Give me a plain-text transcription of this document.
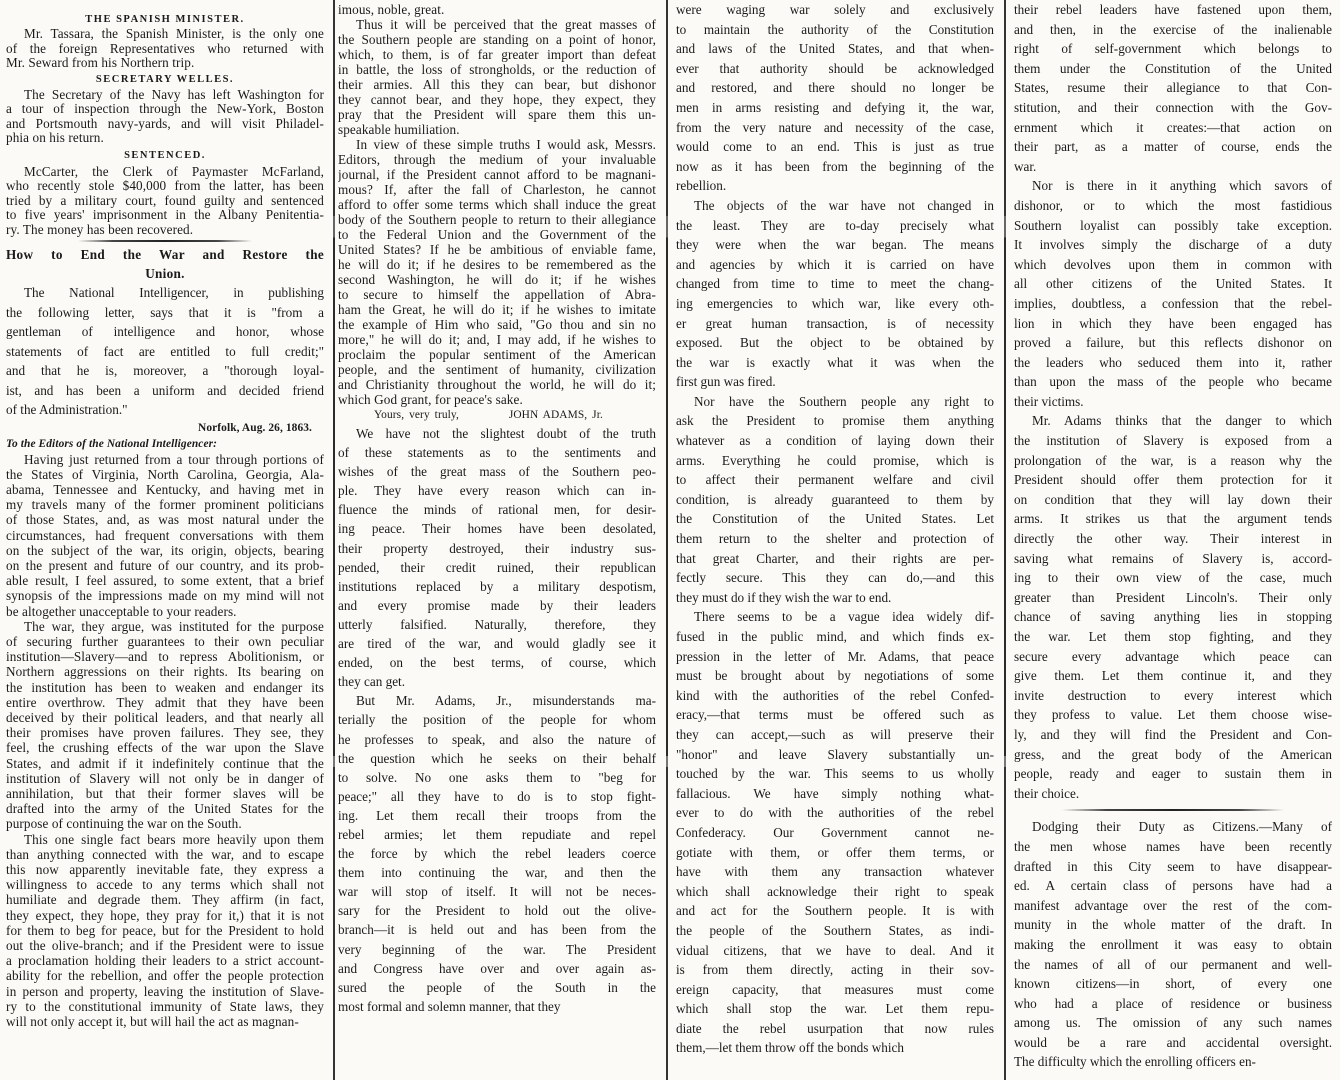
THE SPANISH MINISTER.
Mr. Tassara, the Spanish Minister, is the only one
of the foreign Representatives who returned with
Mr. Seward from his Northern trip.
SECRETARY WELLES.
The Secretary of the Navy has left Washington for
a tour of inspection through the New-York, Boston
and Portsmouth navy-yards, and will visit Philadel-
phia on his return.
SENTENCED.
McCarter, the Clerk of Paymaster McFarland,
who recently stole $40,000 from the latter, has been
tried by a military court, found guilty and sentenced
to five years' imprisonment in the Albany Penitentia-
ry. The money has been recovered.
How to End the War and Restore the
Union.
The National Intelligencer, in publishing
the following letter, says that it is "from a
gentleman of intelligence and honor, whose
statements of fact are entitled to full credit;"
and that he is, moreover, a "thorough loyal-
ist, and has been a uniform and decided friend
of the Administration."
Norfolk, Aug. 26, 1863.
To the Editors of the National Intelligencer:
Having just returned from a tour through portions of
the States of Virginia, North Carolina, Georgia, Ala-
abama, Tennessee and Kentucky, and having met in
my travels many of the former prominent politicians
of those States, and, as was most natural under the
circumstances, had frequent conversations with them
on the subject of the war, its origin, objects, bearing
on the present and future of our country, and its prob-
able result, I feel assured, to some extent, that a brief
synopsis of the impressions made on my mind will not
be altogether unacceptable to your readers.
The war, they argue, was instituted for the purpose
of securing further guarantees to their own peculiar
institution—Slavery—and to repress Abolitionism, or
Northern aggressions on their rights. Its bearing on
the institution has been to weaken and endanger its
entire overthrow. They admit that they have been
deceived by their political leaders, and that nearly all
their promises have proven failures. They see, they
feel, the crushing effects of the war upon the Slave
States, and admit if it indefinitely continue that the
institution of Slavery will not only be in danger of
annihilation, but that their former slaves will be
drafted into the army of the United States for the
purpose of continuing the war on the South.
This one single fact bears more heavily upon them
than anything connected with the war, and to escape
this now apparently inevitable fate, they express a
willingness to accede to any terms which shall not
humiliate and degrade them. They affirm (in fact,
they expect, they hope, they pray for it,) that it is not
for them to beg for peace, but for the President to hold
out the olive-branch; and if the President were to issue
a proclamation holding their leaders to a strict account-
ability for the rebellion, and offer the people protection
in person and property, leaving the institution of Slave-
ry to the constitutional immunity of State laws, they
will not only accept it, but will hail the act as magnan-
imous, noble, great.
Thus it will be perceived that the great masses of
the Southern people are standing on a point of honor,
which, to them, is of far greater import than defeat
in battle, the loss of strongholds, or the reduction of
their armies. All this they can bear, but dishonor
they cannot bear, and they hope, they expect, they
pray that the President will spare them this un-
speakable humiliation.
In view of these simple truths I would ask, Messrs.
Editors, through the medium of your invaluable
journal, if the President cannot afford to be magnani-
mous? If, after the fall of Charleston, he cannot
afford to offer some terms which shall induce the great
body of the Southern people to return to their allegiance
to the Federal Union and the Government of the
United States? If he be ambitious of enviable fame,
he will do it; if he desires to be remembered as the
second Washington, he will do it; if he wishes
to secure to himself the appellation of Abra-
ham the Great, he will do it; if he wishes to imitate
the example of Him who said, "Go thou and sin no
more," he will do it; and, I may add, if he wishes to
proclaim the popular sentiment of the American
people, and the sentiment of humanity, civilization
and Christianity throughout the world, he will do it;
which God grant, for peace's sake.
Yours, very truly,	JOHN ADAMS, Jr.
We have not the slightest doubt of the truth
of these statements as to the sentiments and
wishes of the great mass of the Southern peo-
ple. They have every reason which can in-
fluence the minds of rational men, for desir-
ing peace. Their homes have been desolated,
their property destroyed, their industry sus-
pended, their credit ruined, their republican
institutions replaced by a military despotism,
and every promise made by their leaders
utterly falsified. Naturally, therefore, they
are tired of the war, and would gladly see it
ended, on the best terms, of course, which
they can get.
But Mr. Adams, Jr., misunderstands ma-
terially the position of the people for whom
he professes to speak, and also the nature of
the question which he seeks on their behalf
to solve. No one asks them to "beg for
peace;" all they have to do is to stop fight-
ing. Let them recall their troops from the
rebel armies; let them repudiate and repel
the force by which the rebel leaders coerce
them into continuing the war, and then the
war will stop of itself. It will not be neces-
sary for the President to hold out the olive-
branch—it is held out and has been from the
very beginning of the war. The President
and Congress have over and over again as-
sured the people of the South in the
most formal and solemn manner, that they
were waging war solely and exclusively
to maintain the authority of the Constitution
and laws of the United States, and that when-
ever that authority should be acknowledged
and restored, and there should no longer be
men in arms resisting and defying it, the war,
from the very nature and necessity of the case,
would come to an end. This is just as true
now as it has been from the beginning of the
rebellion.
The objects of the war have not changed in
the least. They are to-day precisely what
they were when the war began. The means
and agencies by which it is carried on have
changed from time to time to meet the chang-
ing emergencies to which war, like every oth-
er great human transaction, is of necessity
exposed. But the object to be obtained by
the war is exactly what it was when the
first gun was fired.
Nor have the Southern people any right to
ask the President to promise them anything
whatever as a condition of laying down their
arms. Everything he could promise, which is
to affect their permanent welfare and civil
condition, is already guaranteed to them by
the Constitution of the United States. Let
them return to the shelter and protection of
that great Charter, and their rights are per-
fectly secure. This they can do,—and this
they must do if they wish the war to end.
There seems to be a vague idea widely dif-
fused in the public mind, and which finds ex-
pression in the letter of Mr. Adams, that peace
must be brought about by negotiations of some
kind with the authorities of the rebel Confed-
eracy,—that terms must be offered such as
they can accept,—such as will preserve their
"honor" and leave Slavery substantially un-
touched by the war. This seems to us wholly
fallacious. We have simply nothing what-
ever to do with the authorities of the rebel
Confederacy. Our Government cannot ne-
gotiate with them, or offer them terms, or
have with them any transaction whatever
which shall acknowledge their right to speak
and act for the Southern people. It is with
the people of the Southern States, as indi-
vidual citizens, that we have to deal. And it
is from them directly, acting in their sov-
ereign capacity, that measures must come
which shall stop the war. Let them repu-
diate the rebel usurpation that now rules
them,—let them throw off the bonds which
their rebel leaders have fastened upon them,
and then, in the exercise of the inalienable
right of self-government which belongs to
them under the Constitution of the United
States, resume their allegiance to that Con-
stitution, and their connection with the Gov-
ernment which it creates:—that action on
their part, as a matter of course, ends the
war.
Nor is there in it anything which savors of
dishonor, or to which the most fastidious
Southern loyalist can possibly take exception.
It involves simply the discharge of a duty
which devolves upon them in common with
all other citizens of the United States. It
implies, doubtless, a confession that the rebel-
lion in which they have been engaged has
proved a failure, but this reflects dishonor on
the leaders who seduced them into it, rather
than upon the mass of the people who became
their victims.
Mr. Adams thinks that the danger to which
the institution of Slavery is exposed from a
prolongation of the war, is a reason why the
President should offer them protection for it
on condition that they will lay down their
arms. It strikes us that the argument tends
directly the other way. Their interest in
saving what remains of Slavery is, accord-
ing to their own view of the case, much
greater than President Lincoln's. Their only
chance of saving anything lies in stopping
the war. Let them stop fighting, and they
secure every advantage which peace can
give them. Let them continue it, and they
invite destruction to every interest which
they profess to value. Let them choose wise-
ly, and they will find the President and Con-
gress, and the great body of the American
people, ready and eager to sustain them in
their choice.
Dodging their Duty as Citizens.—Many of
the men whose names have been recently
drafted in this City seem to have disappear-
ed. A certain class of persons have had a
manifest advantage over the rest of the com-
munity in the whole matter of the draft. In
making the enrollment it was easy to obtain
the names of all of our permanent and well-
known citizens—in short, of every one
who had a place of residence or business
among us. The omission of any such names
would be a rare and accidental oversight.
The difficulty which the enrolling officers en-
